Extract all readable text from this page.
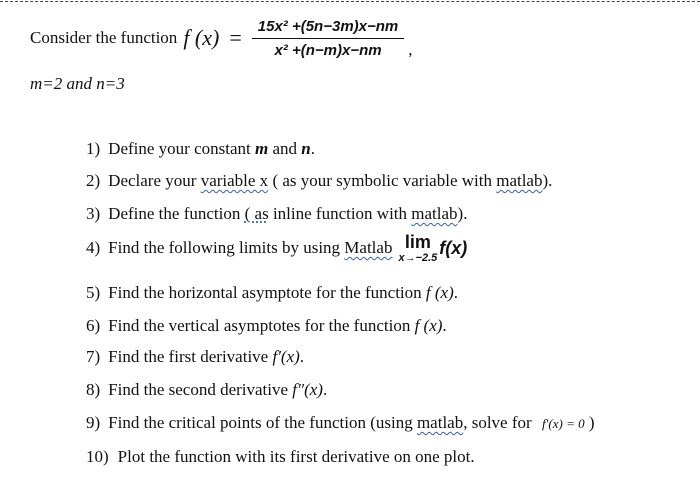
Consider the function f $(x) = \frac{\text{15x² +(5n−3m)x−nm}}{\text{x² +(n−m)x−nm}}$ ,
m=2 and n=3
1) Define your constant m and n.
2) Declare your variable x ( as your symbolic variable with matlab).
3) Define the function ( as inline function with matlab).
4) Find the following limits by using Matlab lim
x→−2.5 f(x)
5) Find the horizontal asymptote for the function f (x).
6) Find the vertical asymptotes for the function f (x).
7) Find the first derivative f′(x).
8) Find the second derivative f″(x).
9) Find the critical points of the function (using matlab, solve for f′(x) = 0 )
10) Plot the function with its first derivative on one plot.
